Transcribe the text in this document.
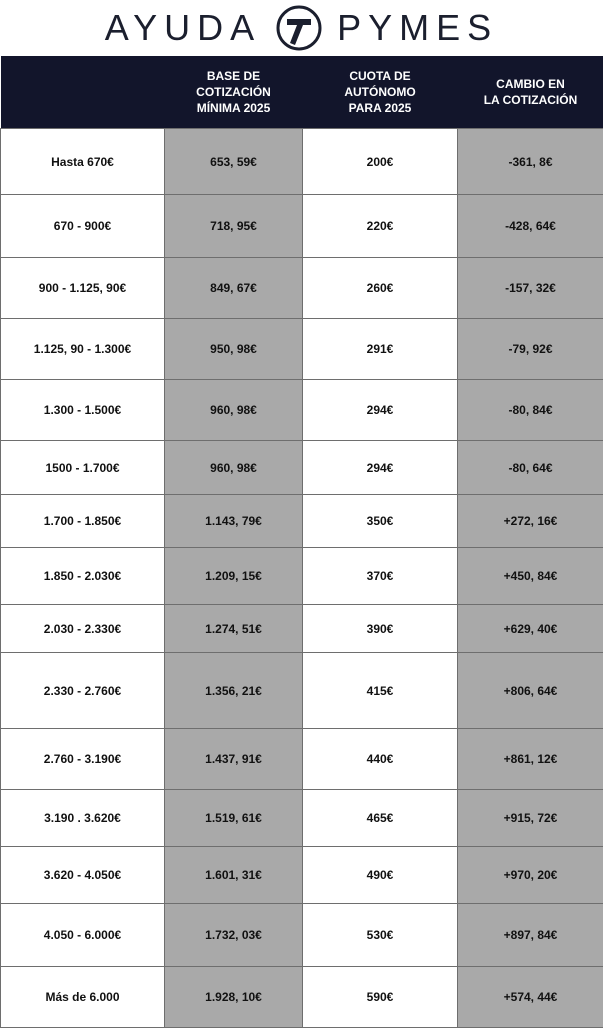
AYUDA PYMES

	BASE DE
COTIZACIÓN
MÍNIMA 2025	CUOTA DE
AUTÓNOMO
PARA 2025	CAMBIO EN
LA COTIZACIÓN

Hasta 670€	653, 59€	200€	-361, 8€
670 - 900€	718, 95€	220€	-428, 64€
900 - 1.125, 90€	849, 67€	260€	-157, 32€
1.125, 90 - 1.300€	950, 98€	291€	-79, 92€
1.300 - 1.500€	960, 98€	294€	-80, 84€
1500 - 1.700€	960, 98€	294€	-80, 64€
1.700 - 1.850€	1.143, 79€	350€	+272, 16€
1.850 - 2.030€	1.209, 15€	370€	+450, 84€
2.030 - 2.330€	1.274, 51€	390€	+629, 40€
2.330 - 2.760€	1.356, 21€	415€	+806, 64€
2.760 - 3.190€	1.437, 91€	440€	+861, 12€
3.190 . 3.620€	1.519, 61€	465€	+915, 72€
3.620 - 4.050€	1.601, 31€	490€	+970, 20€
4.050 - 6.000€	1.732, 03€	530€	+897, 84€
Más de 6.000	1.928, 10€	590€	+574, 44€
